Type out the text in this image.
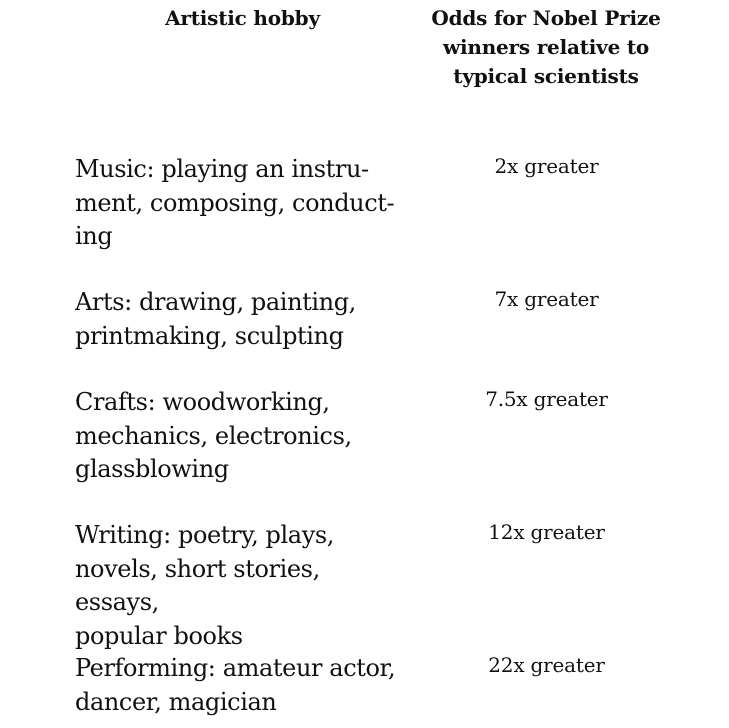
Artistic hobby	Odds for Nobel Prize winners relative to typical scientists
Music: playing an instru-
ment, composing, conduct-
ing
2x greater
Arts: drawing, painting,
printmaking, sculpting
7x greater
Crafts: woodworking,
mechanics, electronics,
glassblowing
7.5x greater
Writing: poetry, plays,
novels, short stories, essays,
popular books
12x greater
Performing: amateur actor,
dancer, magician
22x greater
